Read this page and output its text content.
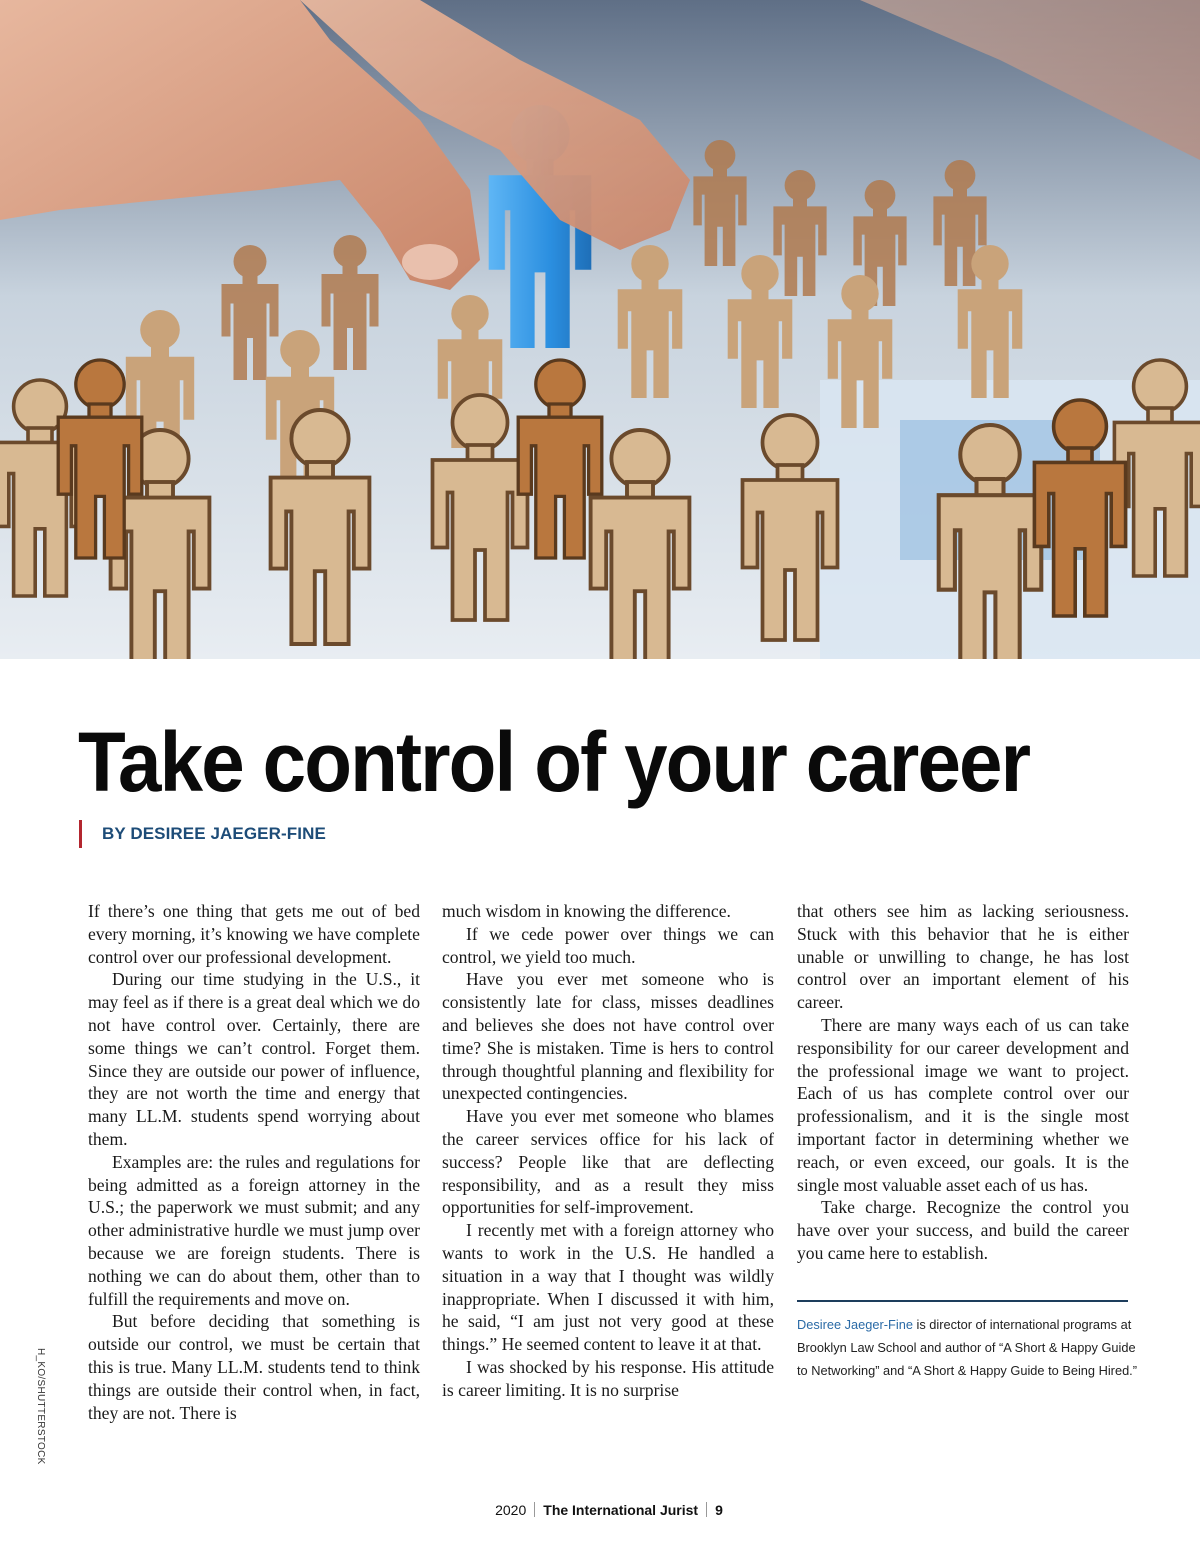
Take control of your career
BY DESIREE JAEGER-FINE

If there’s one thing that gets me out of bed every morning, it’s knowing we have complete control over our professional development.

During our time studying in the U.S., it may feel as if there is a great deal which we do not have control over. Certainly, there are some things we can’t control. Forget them. Since they are outside our power of influence, they are not worth the time and energy that many LL.M. students spend worrying about them.

Examples are: the rules and regulations for being admitted as a foreign attorney in the U.S.; the paperwork we must submit; and any other administrative hurdle we must jump over because we are foreign students. There is nothing we can do about them, other than to fulfill the requirements and move on.

But before deciding that something is outside our control, we must be certain that this is true. Many LL.M. students tend to think things are outside their control when, in fact, they are not. There is

much wisdom in knowing the difference.

If we cede power over things we can control, we yield too much.

Have you ever met someone who is consistently late for class, misses deadlines and believes she does not have control over time? She is mistaken. Time is hers to control through thoughtful planning and flexibility for unexpected contingencies.

Have you ever met someone who blames the career services office for his lack of success? People like that are deflecting responsibility, and as a result they miss opportunities for self-improvement.

I recently met with a foreign attorney who wants to work in the U.S. He handled a situation in a way that I thought was wildly inappropriate. When I discussed it with him, he said, “I am just not very good at these things.” He seemed content to leave it at that.

I was shocked by his response. His attitude is career limiting. It is no surprise

that others see him as lacking seriousness. Stuck with this behavior that he is either unable or unwilling to change, he has lost control over an important element of his career.

There are many ways each of us can take responsibility for our career development and the professional image we want to project. Each of us has complete control over our professionalism, and it is the single most important factor in determining whether we reach, or even exceed, our goals. It is the single most valuable asset each of us has.

Take charge. Recognize the control you have over your success, and build the career you came here to establish.

Desiree Jaeger-Fine is director of international programs at Brooklyn Law School and author of “A Short & Happy Guide to Networking” and “A Short & Happy Guide to Being Hired.”
H_KO/SHUTTERSTOCK
2020 The International Jurist 9
